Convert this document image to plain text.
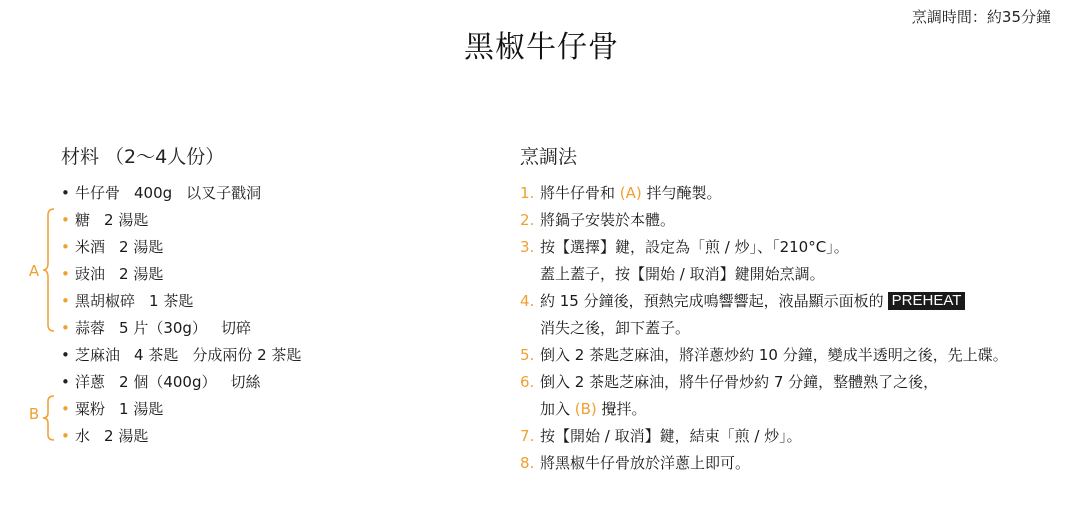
烹調時間：約35分鐘
黑椒牛仔骨
材料 （2～4人份）
• 牛仔骨 400g 以叉子戳洞
• 糖 2 湯匙
• 米酒 2 湯匙
• 豉油 2 湯匙
• 黑胡椒碎 1 茶匙
• 蒜蓉 5 片（30g） 切碎
• 芝麻油 4 茶匙 分成兩份 2 茶匙
• 洋蔥 2 個（400g） 切絲
• 粟粉 1 湯匙
• 水 2 湯匙
A
B
烹調法
1. 將牛仔骨和 (A) 拌勻醃製。
2. 將鍋子安裝於本體。
3. 按【選擇】鍵，設定為「煎 / 炒」、「210°C」。
蓋上蓋子，按【開始 / 取消】鍵開始烹調。
4. 約 15 分鐘後，預熱完成鳴響響起，液晶顯示面板的 PREHEAT
消失之後，卸下蓋子。
5. 倒入 2 茶匙芝麻油，將洋蔥炒約 10 分鐘，變成半透明之後，先上碟。
6. 倒入 2 茶匙芝麻油，將牛仔骨炒約 7 分鐘，整體熟了之後，
加入 (B) 攪拌。
7. 按【開始 / 取消】鍵，結束「煎 / 炒」。
8. 將黑椒牛仔骨放於洋蔥上即可。
